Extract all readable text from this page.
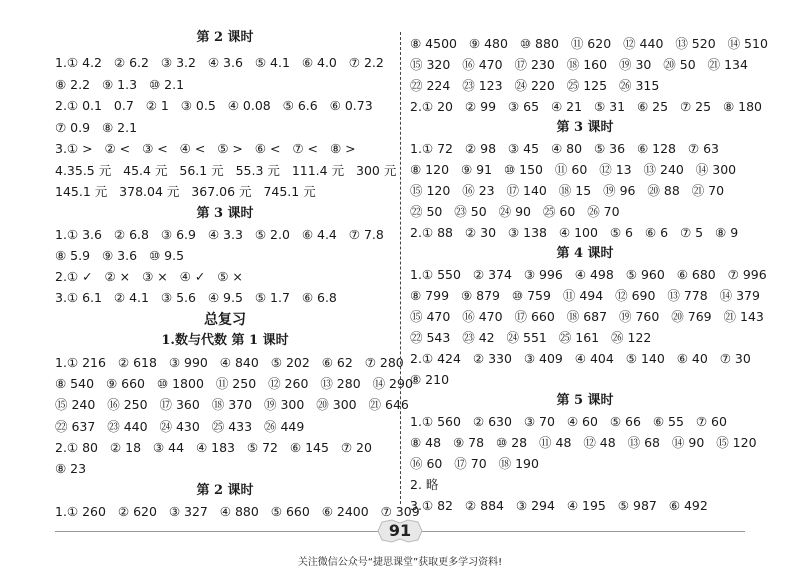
第 2 课时
1.① 4.2   ② 6.2   ③ 3.2   ④ 3.6   ⑤ 4.1   ⑥ 4.0   ⑦ 2.2
⑧ 2.2   ⑨ 1.3   ⑩ 2.1
2.① 0.1   0.7   ② 1   ③ 0.5   ④ 0.08   ⑤ 6.6   ⑥ 0.73
⑦ 0.9   ⑧ 2.1
3.① >   ② <   ③ <   ④ <   ⑤ >   ⑥ <   ⑦ <   ⑧ >
4.35.5 元   45.4 元   56.1 元   55.3 元   111.4 元   300 元
145.1 元   378.04 元   367.06 元   745.1 元
第 3 课时
1.① 3.6   ② 6.8   ③ 6.9   ④ 3.3   ⑤ 2.0   ⑥ 4.4   ⑦ 7.8
⑧ 5.9   ⑨ 3.6   ⑩ 9.5
2.① ✓   ② ×   ③ ×   ④ ✓   ⑤ ×
3.① 6.1   ② 4.1   ③ 5.6   ④ 9.5   ⑤ 1.7   ⑥ 6.8
总复习
1.数与代数 第 1 课时
1.① 216   ② 618   ③ 990   ④ 840   ⑤ 202   ⑥ 62   ⑦ 280
⑧ 540   ⑨ 660   ⑩ 1800   ⑪ 250   ⑫ 260   ⑬ 280   ⑭ 290
⑮ 240   ⑯ 250   ⑰ 360   ⑱ 370   ⑲ 300   ⑳ 300   ㉑ 646
㉒ 637   ㉓ 440   ㉔ 430   ㉕ 433   ㉖ 449
2.① 80   ② 18   ③ 44   ④ 183   ⑤ 72   ⑥ 145   ⑦ 20
⑧ 23
第 2 课时
1.① 260   ② 620   ③ 327   ④ 880   ⑤ 660   ⑥ 2400   ⑦ 309
⑧ 4500   ⑨ 480   ⑩ 880   ⑪ 620   ⑫ 440   ⑬ 520   ⑭ 510
⑮ 320   ⑯ 470   ⑰ 230   ⑱ 160   ⑲ 30   ⑳ 50   ㉑ 134
㉒ 224   ㉓ 123   ㉔ 220   ㉕ 125   ㉖ 315
2.① 20   ② 99   ③ 65   ④ 21   ⑤ 31   ⑥ 25   ⑦ 25   ⑧ 180
第 3 课时
1.① 72   ② 98   ③ 45   ④ 80   ⑤ 36   ⑥ 128   ⑦ 63
⑧ 120   ⑨ 91   ⑩ 150   ⑪ 60   ⑫ 13   ⑬ 240   ⑭ 300
⑮ 120   ⑯ 23   ⑰ 140   ⑱ 15   ⑲ 96   ⑳ 88   ㉑ 70
㉒ 50   ㉓ 50   ㉔ 90   ㉕ 60   ㉖ 70
2.① 88   ② 30   ③ 138   ④ 100   ⑤ 6   ⑥ 6   ⑦ 5   ⑧ 9
第 4 课时
1.① 550   ② 374   ③ 996   ④ 498   ⑤ 960   ⑥ 680   ⑦ 996
⑧ 799   ⑨ 879   ⑩ 759   ⑪ 494   ⑫ 690   ⑬ 778   ⑭ 379
⑮ 470   ⑯ 470   ⑰ 660   ⑱ 687   ⑲ 760   ⑳ 769   ㉑ 143
㉒ 543   ㉓ 42   ㉔ 551   ㉕ 161   ㉖ 122
2.① 424   ② 330   ③ 409   ④ 404   ⑤ 140   ⑥ 40   ⑦ 30
⑧ 210
第 5 课时
1.① 560   ② 630   ③ 70   ④ 60   ⑤ 66   ⑥ 55   ⑦ 60
⑧ 48   ⑨ 78   ⑩ 28   ⑪ 48   ⑫ 48   ⑬ 68   ⑭ 90   ⑮ 120
⑯ 60   ⑰ 70   ⑱ 190
2. 略
3.① 82   ② 884   ③ 294   ④ 195   ⑤ 987   ⑥ 492
91
关注微信公众号“捷思课堂”获取更多学习资料!
